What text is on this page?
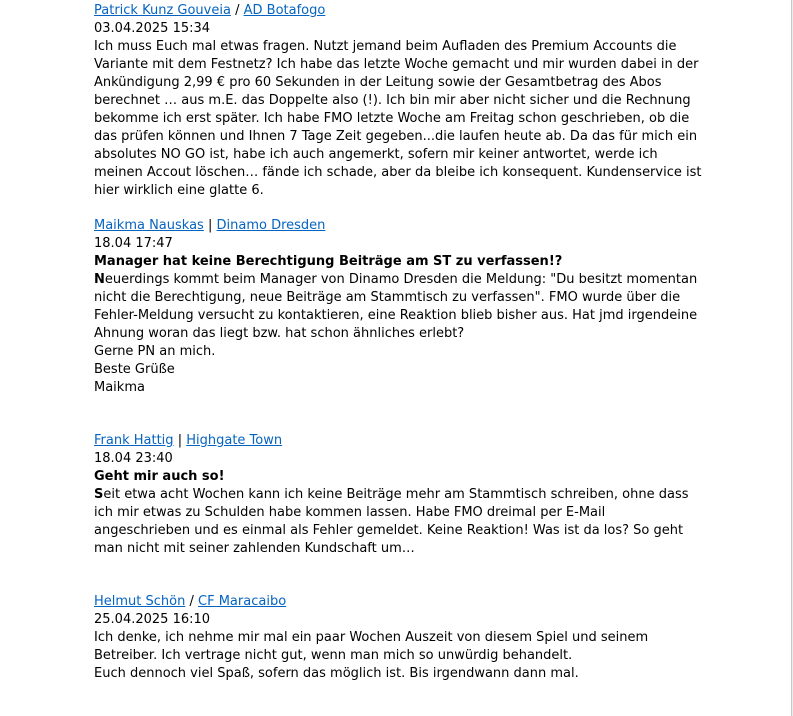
Patrick Kunz Gouveia / AD Botafogo

03.04.2025 15:34

Ich muss Euch mal etwas fragen. Nutzt jemand beim Aufladen des Premium Accounts die Variante mit dem Festnetz? Ich habe das letzte Woche gemacht und mir wurden dabei in der Ankündigung 2,99 € pro 60 Sekunden in der Leitung sowie der Gesamtbetrag des Abos berechnet … aus m.E. das Doppelte also (!). Ich bin mir aber nicht sicher und die Rechnung bekomme ich erst später. Ich habe FMO letzte Woche am Freitag schon geschrieben, ob die das prüfen können und Ihnen 7 Tage Zeit gegeben...die laufen heute ab. Da das für mich ein absolutes NO GO ist, habe ich auch angemerkt, sofern mir keiner antwortet, werde ich meinen Accout löschen… fände ich schade, aber da bleibe ich konsequent. Kundenservice ist hier wirklich eine glatte 6.

Maikma Nauskas | Dinamo Dresden

18.04 17:47

Manager hat keine Berechtigung Beiträge am ST zu verfassen!?

Neuerdings kommt beim Manager von Dinamo Dresden die Meldung: "Du besitzt momentan nicht die Berechtigung, neue Beiträge am Stammtisch zu verfassen". FMO wurde über die Fehler-Meldung versucht zu kontaktieren, eine Reaktion blieb bisher aus. Hat jmd irgendeine Ahnung woran das liegt bzw. hat schon ähnliches erlebt?

Gerne PN an mich.

Beste Grüße

Maikma

Frank Hattig | Highgate Town

18.04 23:40

Geht mir auch so!

Seit etwa acht Wochen kann ich keine Beiträge mehr am Stammtisch schreiben, ohne dass ich mir etwas zu Schulden habe kommen lassen. Habe FMO dreimal per E-Mail angeschrieben und es einmal als Fehler gemeldet. Keine Reaktion! Was ist da los? So geht man nicht mit seiner zahlenden Kundschaft um…

Helmut Schön / CF Maracaibo

25.04.2025 16:10

Ich denke, ich nehme mir mal ein paar Wochen Auszeit von diesem Spiel und seinem Betreiber. Ich vertrage nicht gut, wenn man mich so unwürdig behandelt.

Euch dennoch viel Spaß, sofern das möglich ist. Bis irgendwann dann mal.
